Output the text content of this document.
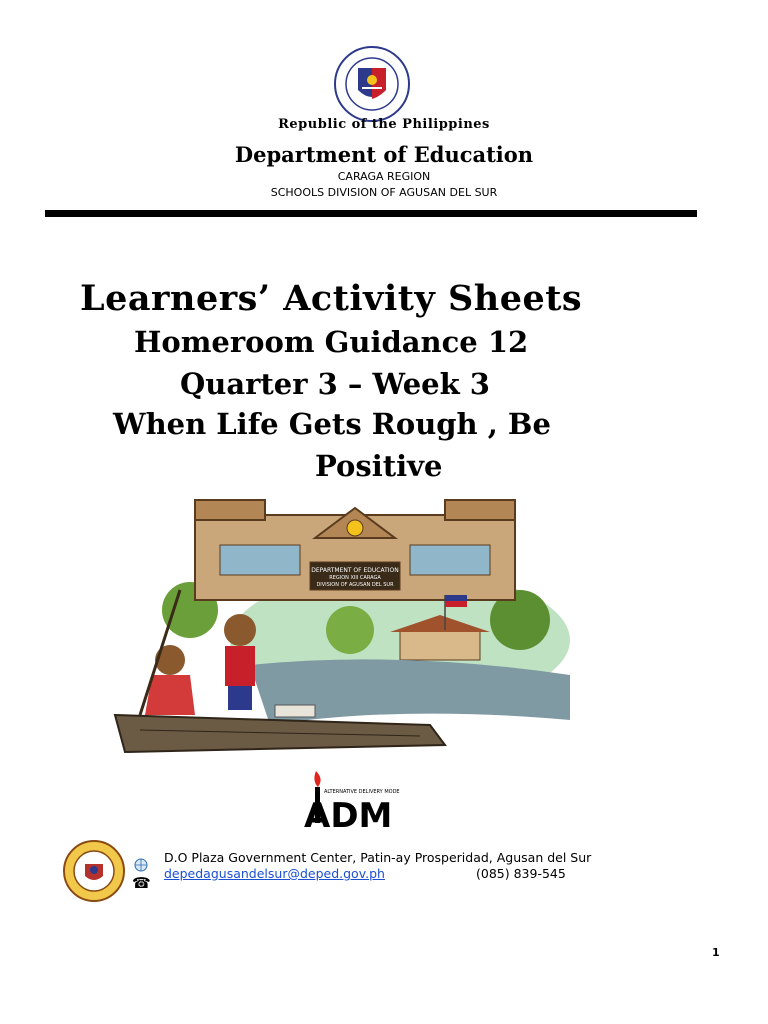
Republic of the Philippines
Department of Education
CARAGA REGION
SCHOOLS DIVISION OF AGUSAN DEL SUR
Learners’ Activity Sheets
Homeroom Guidance 12
Quarter 3 – Week 3
When Life Gets Rough , Be
Positive
DEPARTMENT OF EDUCATION
REGION XIII CARAGA
DIVISION OF AGUSAN DEL SUR
ALTERNATIVE DELIVERY MODE
ADM
☎
D.O Plaza Government Center, Patin-ay Prosperidad, Agusan del Sur
depedagusandelsur@deped.gov.ph	(085) 839-545
1
